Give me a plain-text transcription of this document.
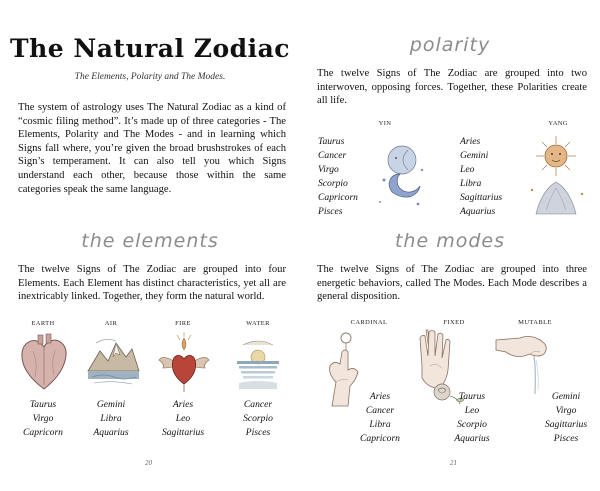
The Natural Zodiac
The Elements, Polarity and The Modes.
The system of astrology uses The Natural Zodiac as a kind of “cosmic filing method”. It’s made up of three categories - The Elements, Polarity and The Modes - and in learning which Signs fall where, you’re given the broad brushstrokes of each Sign’s temperament. It can also tell you which Signs understand each other, because those within the same categories speak the same language.
the elements
The twelve Signs of The Zodiac are grouped into four Elements. Each Element has distinct characteristics, yet all are inextricably linked. Together, they form the natural world.
EARTH
Taurus
Virgo
Capricorn
AIR
Gemini
Libra
Aquarius
FIRE
Aries
Leo
Sagittarius
WATER
Cancer
Scorpio
Pisces
20
polarity
The twelve Signs of The Zodiac are grouped into two interwoven, opposing forces. Together, these Polarities create all life.
YIN
Taurus
Cancer
Virgo
Scorpio
Capricorn
Pisces
YANG
Aries
Gemini
Leo
Libra
Sagittarius
Aquarius
the modes
The twelve Signs of The Zodiac are grouped into three energetic behaviors, called The Modes. Each Mode describes a general disposition.
CARDINAL
Aries
Cancer
Libra
Capricorn
FIXED
Taurus
Leo
Scorpio
Aquarius
MUTABLE
Gemini
Virgo
Sagittarius
Pisces
21
